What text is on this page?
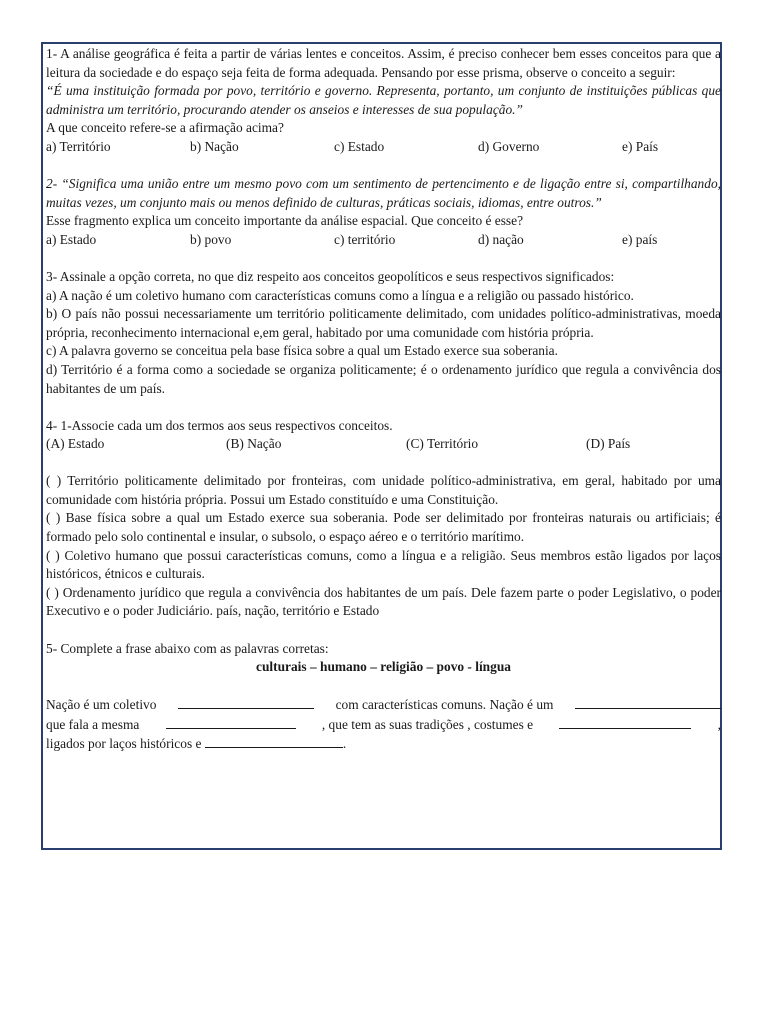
1- A análise geográfica é feita a partir de várias lentes e conceitos. Assim, é preciso conhecer bem esses conceitos para que a leitura da sociedade e do espaço seja feita de forma adequada. Pensando por esse prisma, observe o conceito a seguir:

“É uma instituição formada por povo, território e governo. Representa, portanto, um conjunto de instituições públicas que administra um território, procurando atender os anseios e interesses de sua população.”

A que conceito refere-se a afirmação acima?

a) Território	b) Nação	c) Estado	d) Governo	e) País

2- “Significa uma união entre um mesmo povo com um sentimento de pertencimento e de ligação entre si, compartilhando, muitas vezes, um conjunto mais ou menos definido de culturas, práticas sociais, idiomas, entre outros.”

Esse fragmento explica um conceito importante da análise espacial. Que conceito é esse?

a) Estado	b) povo	c) território	d) nação	e) país

3- Assinale a opção correta, no que diz respeito aos conceitos geopolíticos e seus respectivos significados:

a) A nação é um coletivo humano com características comuns como a língua e a religião ou passado histórico.

b) O país não possui necessariamente um território politicamente delimitado, com unidades político-administrativas, moeda própria, reconhecimento internacional e,em geral, habitado por uma comunidade com história própria.

c) A palavra governo se conceitua pela base física sobre a qual um Estado exerce sua soberania.

d) Território é a forma como a sociedade se organiza politicamente; é o ordenamento jurídico que regula a convivência dos habitantes de um país.

4- 1-Associe cada um dos termos aos seus respectivos conceitos.

(A) Estado	(B) Nação	(C) Território	(D) País

( ) Território politicamente delimitado por fronteiras, com unidade político-administrativa, em geral, habitado por uma comunidade com história própria. Possui um Estado constituído e uma Constituição.

( ) Base física sobre a qual um Estado exerce sua soberania. Pode ser delimitado por fronteiras naturais ou artificiais; é formado pelo solo continental e insular, o subsolo, o espaço aéreo e o território marítimo.

( ) Coletivo humano que possui características comuns, como a língua e a religião. Seus membros estão ligados por laços históricos, étnicos e culturais.

( ) Ordenamento jurídico que regula a convivência dos habitantes de um país. Dele fazem parte o poder Legislativo, o poder Executivo e o poder Judiciário. país, nação, território e Estado

5- Complete a frase abaixo com as palavras corretas:

culturais – humano – religião – povo - língua

Nação é um coletivo	com características comuns. Nação é um

que fala a mesma	, que tem as suas tradições , costumes e	,

ligados por laços históricos e	.
